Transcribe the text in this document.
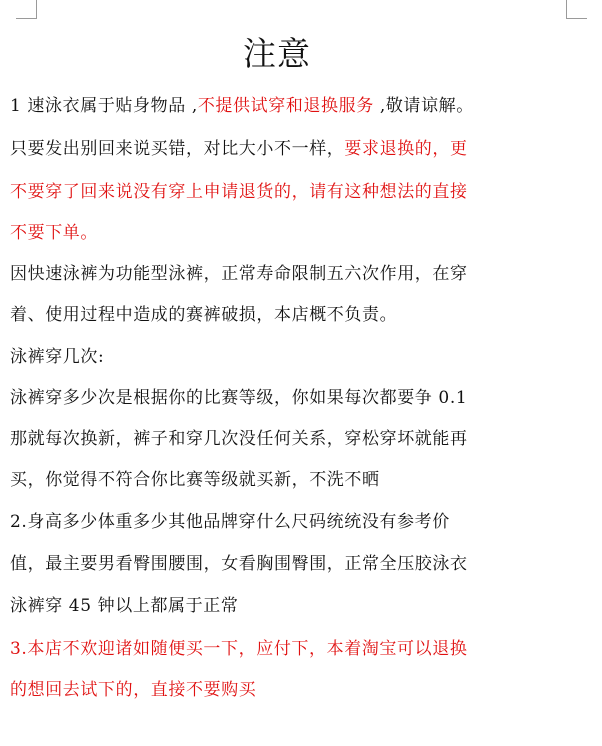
注意
1 速泳衣属于贴身物品 ,不提供试穿和退换服务 ,敬请谅解。
只要发出别回来说买错，对比大小不一样，要求退换的，更
不要穿了回来说没有穿上申请退货的，请有这种想法的直接
不要下单。
因快速泳裤为功能型泳裤，正常寿命限制五六次作用，在穿
着、使用过程中造成的赛裤破损，本店概不负责。
泳裤穿几次:
泳裤穿多少次是根据你的比赛等级，你如果每次都要争 0.1
那就每次换新，裤子和穿几次没任何关系，穿松穿坏就能再
买，你觉得不符合你比赛等级就买新，不洗不晒
2.身高多少体重多少其他品牌穿什么尺码统统没有参考价
值，最主要男看臀围腰围，女看胸围臀围，正常全压胶泳衣
泳裤穿 45 钟以上都属于正常
3.本店不欢迎诸如随便买一下，应付下，本着淘宝可以退换
的想回去试下的，直接不要购买
